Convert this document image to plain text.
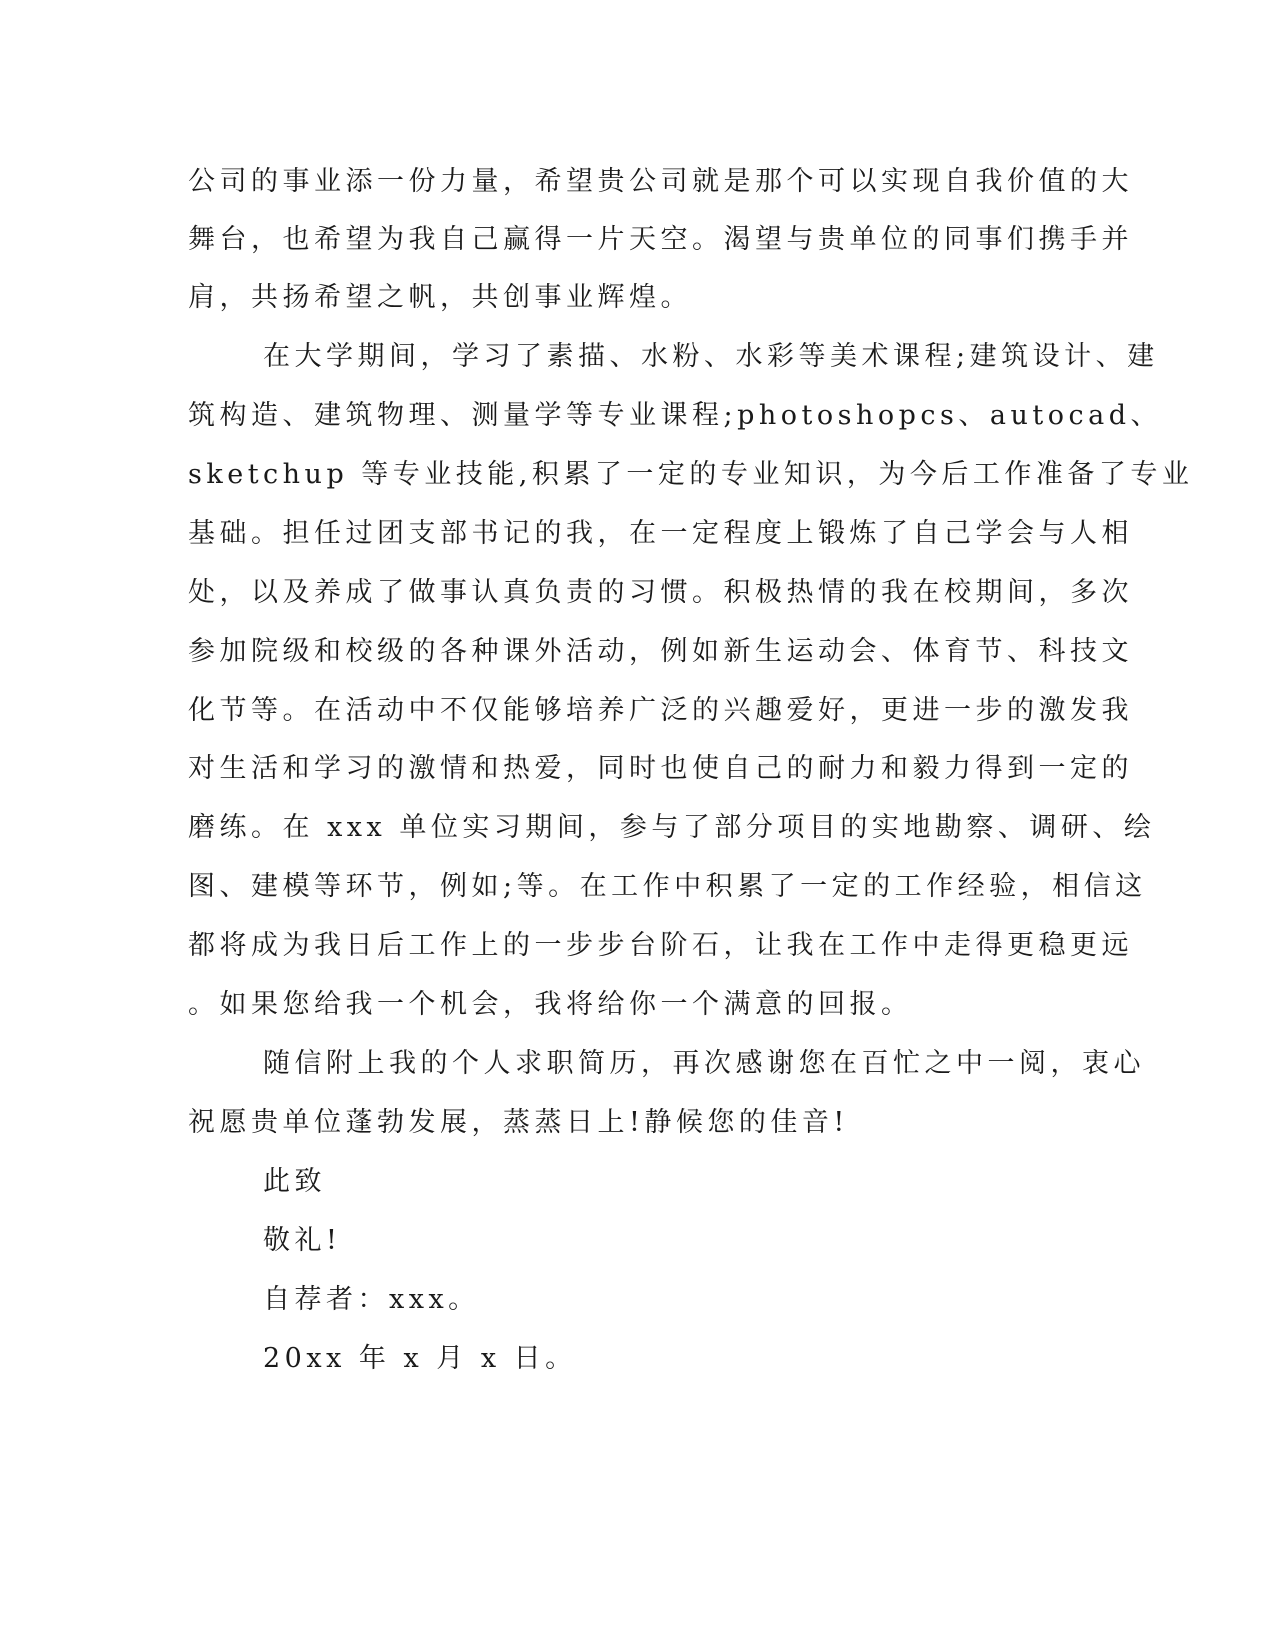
公司的事业添一份力量，希望贵公司就是那个可以实现自我价值的大
舞台，也希望为我自己赢得一片天空。渴望与贵单位的同事们携手并
肩，共扬希望之帆，共创事业辉煌。
在大学期间，学习了素描、水粉、水彩等美术课程;建筑设计、建
筑构造、建筑物理、测量学等专业课程;photoshopcs、autocad、
sketchup 等专业技能,积累了一定的专业知识，为今后工作准备了专业
基础。担任过团支部书记的我，在一定程度上锻炼了自己学会与人相
处，以及养成了做事认真负责的习惯。积极热情的我在校期间，多次
参加院级和校级的各种课外活动，例如新生运动会、体育节、科技文
化节等。在活动中不仅能够培养广泛的兴趣爱好，更进一步的激发我
对生活和学习的激情和热爱，同时也使自己的耐力和毅力得到一定的
磨练。在 xxx 单位实习期间，参与了部分项目的实地勘察、调研、绘
图、建模等环节，例如;等。在工作中积累了一定的工作经验，相信这
都将成为我日后工作上的一步步台阶石，让我在工作中走得更稳更远
。如果您给我一个机会，我将给你一个满意的回报。
随信附上我的个人求职简历，再次感谢您在百忙之中一阅，衷心
祝愿贵单位蓬勃发展，蒸蒸日上!静候您的佳音!
此致
敬礼!
自荐者：xxx。
20xx 年 x 月 x 日。
